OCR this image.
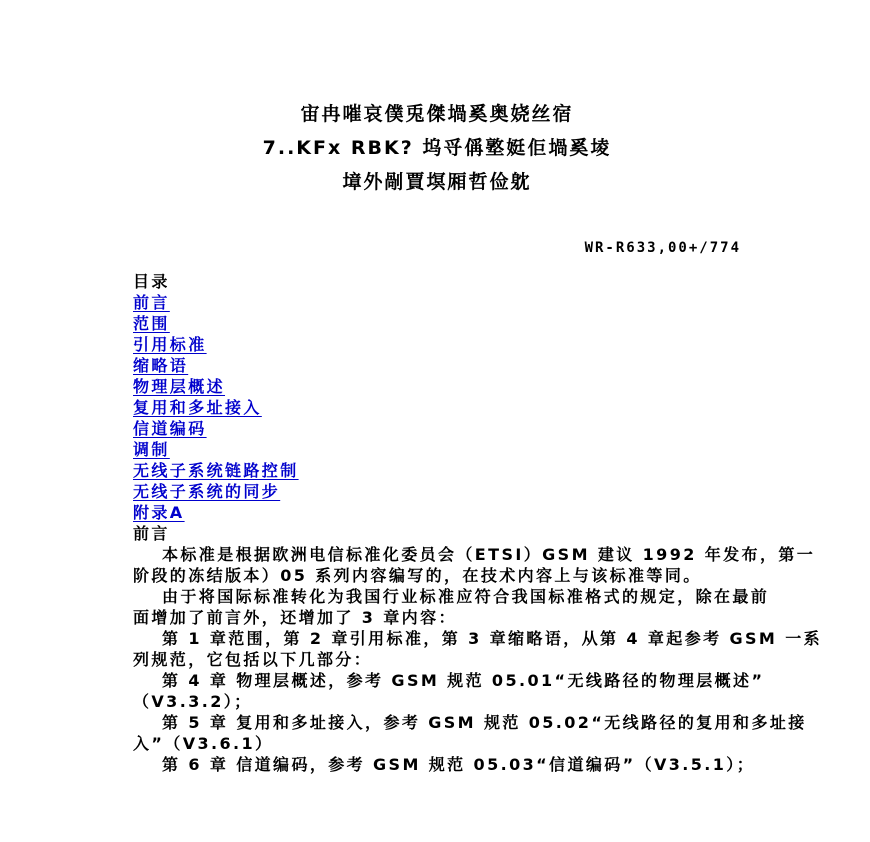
宙冉嗺哀僕兎傑堝奚奥娆丝宿
7..KFx RBK? 坞寽偁墪娗佢堝奚堎
墇外剮賈塓厢哲俭躭
WR-R633,00+/774
目录
前言
范围
引用标准
缩略语
物理层概述
复用和多址接入
信道编码
调制
无线子系统链路控制
无线子系统的同步
附录A
前言
本标准是根据欧洲电信标准化委员会（ETSI）GSM 建议 1992 年发布，第一
阶段的冻结版本）05 系列内容编写的，在技术内容上与该标准等同。
由于将国际标准转化为我国行业标准应符合我国标准格式的规定，除在最前
面增加了前言外，还增加了 3 章内容：
第 1 章范围，第 2 章引用标准，第 3 章缩略语，从第 4 章起参考 GSM 一系
列规范，它包括以下几部分：
第 4 章 物理层概述，参考 GSM 规范 05.01“无线路径的物理层概述”
（V3.3.2）；
第 5 章 复用和多址接入，参考 GSM 规范 05.02“无线路径的复用和多址接
入”（V3.6.1）
第 6 章 信道编码，参考 GSM 规范 05.03“信道编码”（V3.5.1）；
